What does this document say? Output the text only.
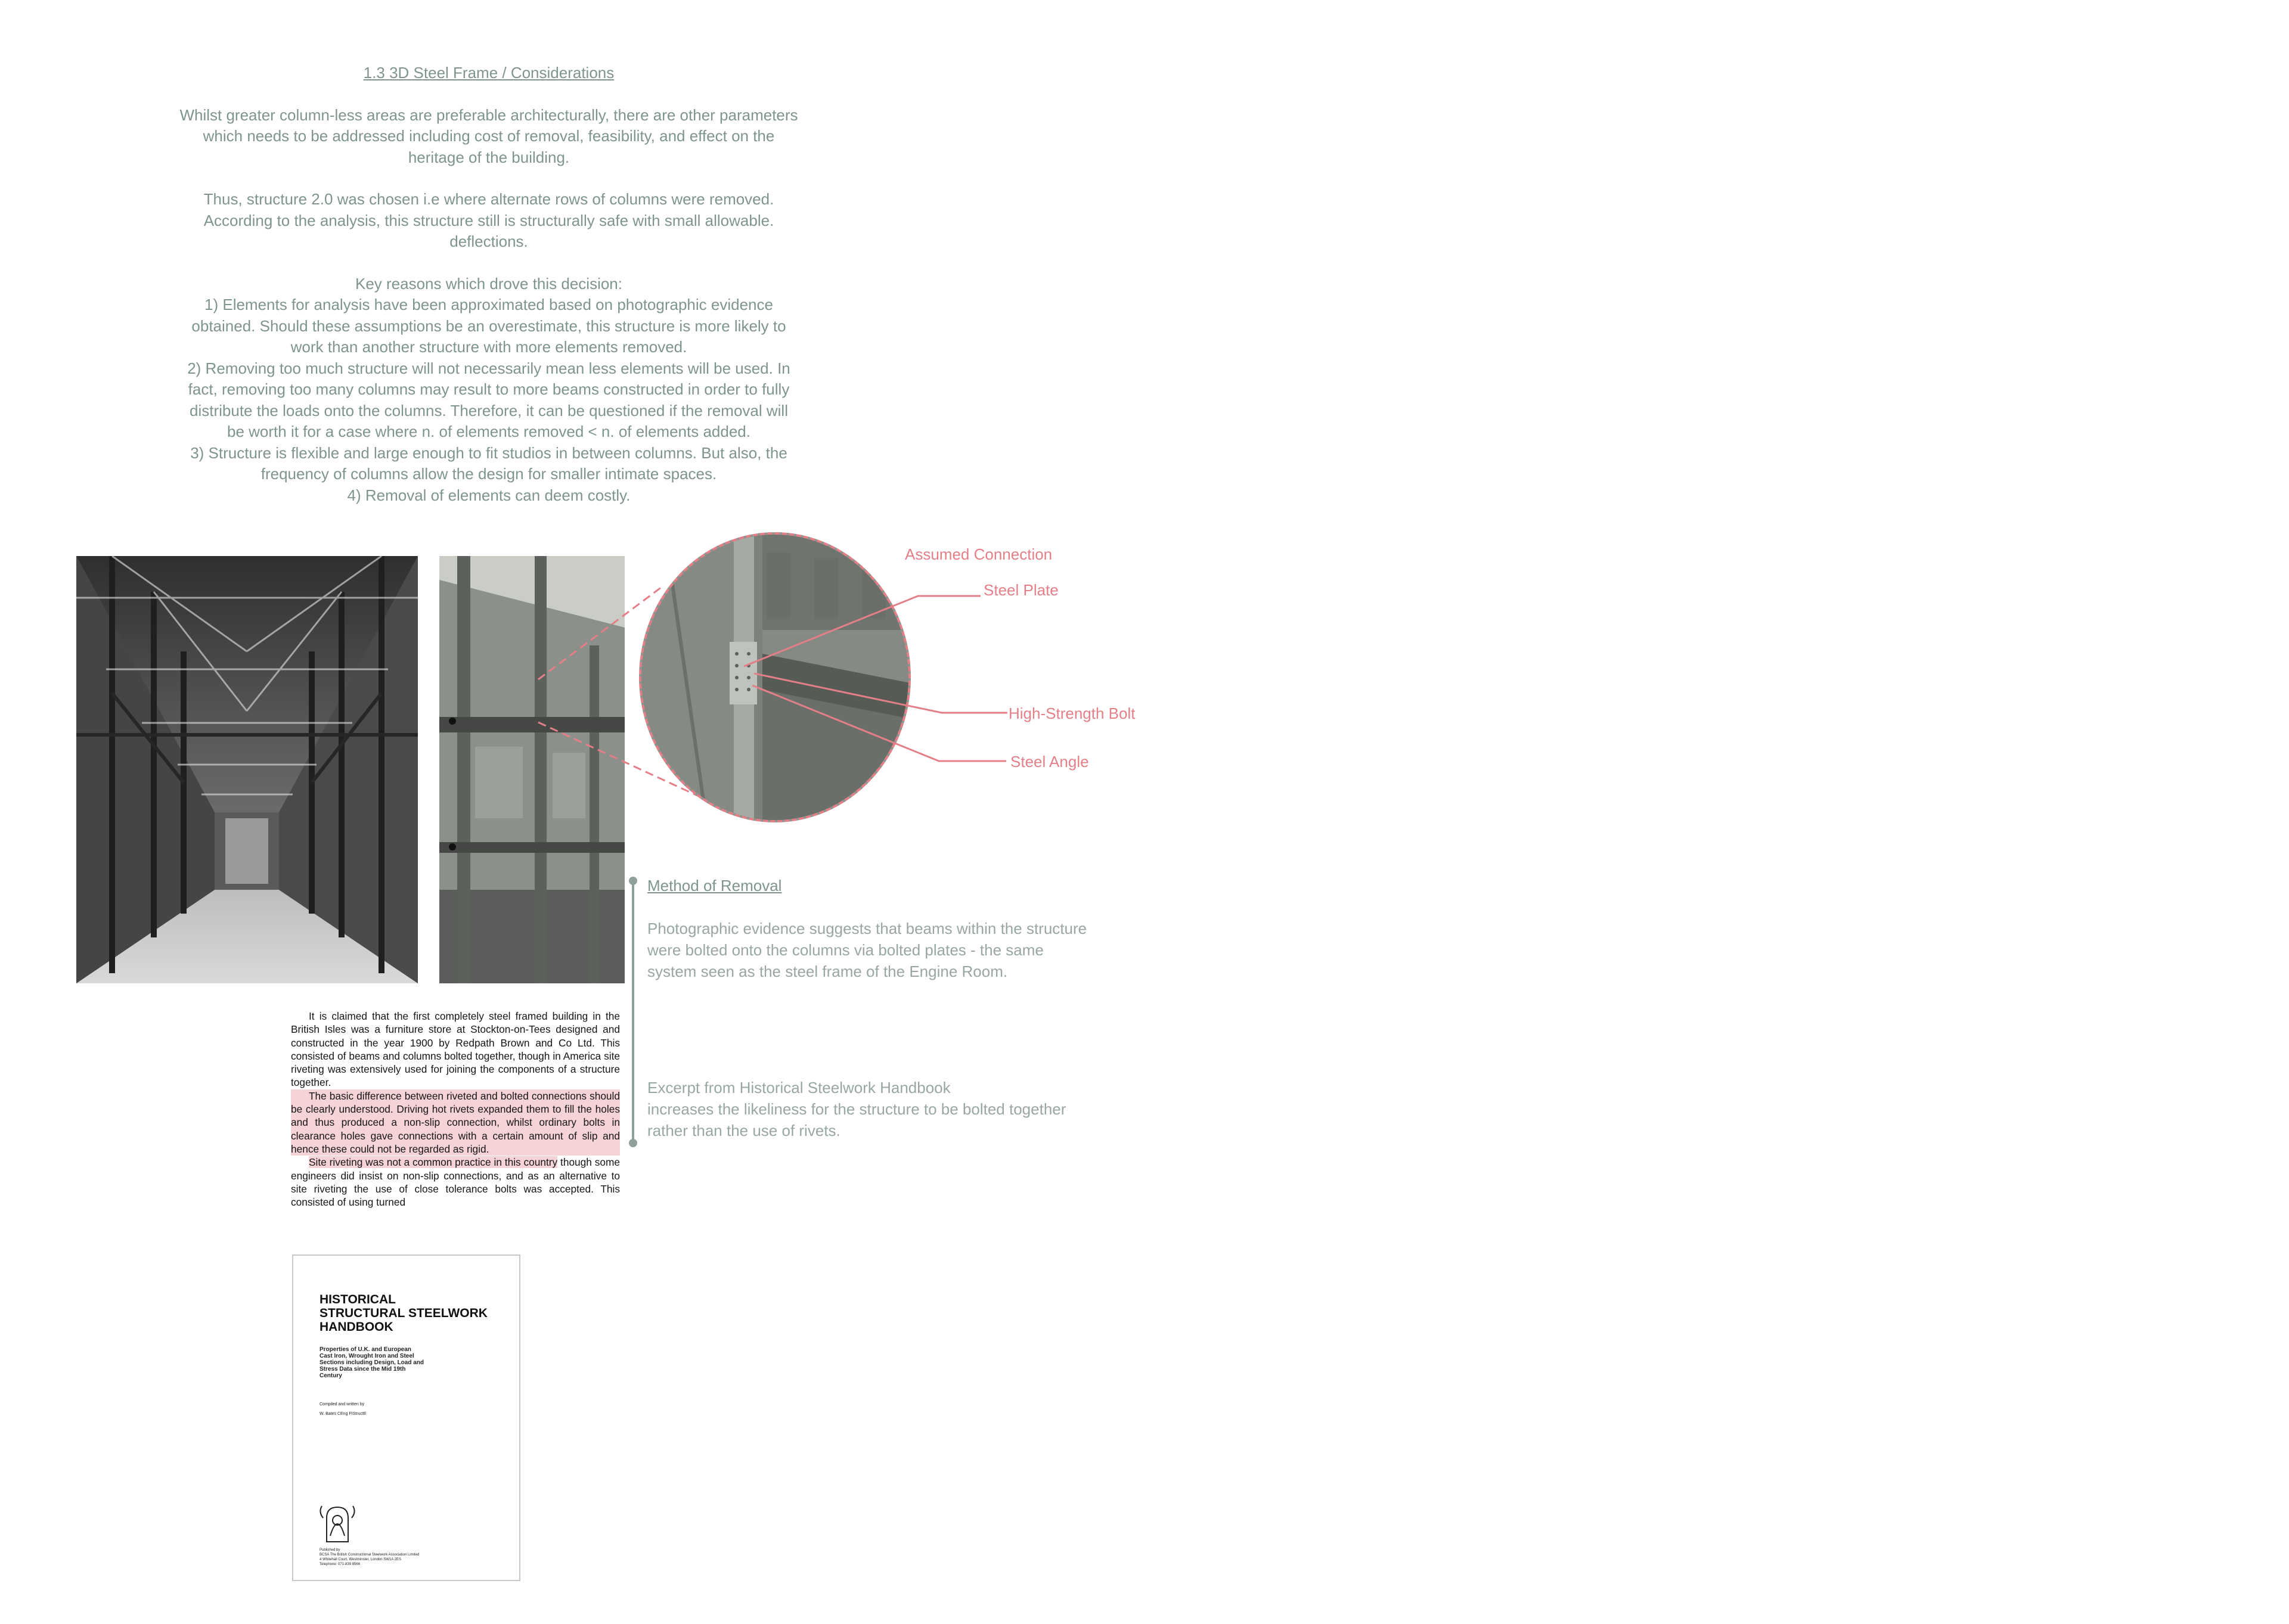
1.3 3D Steel Frame / Considerations

Whilst greater column-less areas are preferable architecturally, there are other parameters which needs to be addressed including cost of removal, feasibility, and effect on the heritage of the building.

Thus, structure 2.0 was chosen i.e where alternate rows of columns were removed. According to the analysis, this structure still is structurally safe with small allowable. deflections.

Key reasons which drove this decision:
1) Elements for analysis have been approximated based on photographic evidence obtained. Should these assumptions be an overestimate, this structure is more likely to work than another structure with more elements removed.
2) Removing too much structure will not necessarily mean less elements will be used. In fact, removing too many columns may result to more beams constructed in order to fully distribute the loads onto the columns. Therefore, it can be questioned if the removal will be worth it for a case where n. of elements removed < n. of elements added.
3) Structure is flexible and large enough to fit studios in between columns. But also, the frequency of columns allow the design for smaller intimate spaces.
4) Removal of elements can deem costly.
Assumed Connection
Steel Plate
High-Strength Bolt
Steel Angle
Method of Removal
Photographic evidence suggests that beams within the structure
were bolted onto the columns via bolted plates - the same
system seen as the steel frame of the Engine Room.
Excerpt from Historical Steelwork Handbook
increases the likeliness for the structure to be bolted together
rather than the use of rivets.

It is claimed that the first completely steel framed building in the British Isles was a furniture store at Stockton-on-Tees designed and constructed in the year 1900 by Redpath Brown and Co Ltd. This consisted of beams and columns bolted together, though in America site riveting was extensively used for joining the components of a structure together.

The basic difference between riveted and bolted connections should be clearly understood. Driving hot rivets expanded them to fill the holes and thus produced a non-slip connection, whilst ordinary bolts in clearance holes gave connections with a certain amount of slip and hence these could not be regarded as rigid.

Site riveting was not a common practice in this country though some engineers did insist on non-slip connections, and as an alternative to site riveting the use of close tolerance bolts was accepted. This consisted of using turned

HISTORICAL
STRUCTURAL STEELWORK
HANDBOOK
Properties of U.K. and European
Cast Iron, Wrought Iron and Steel
Sections including Design, Load and
Stress Data since the Mid 19th
Century
Compiled and written by
W. Bates CEng FIStructE
Published by
BCSA The British Constructional Steelwork Association Limited
4 Whitehall Court, Westminster, London SW1A 2ES
Telephone: 071-839 8566
